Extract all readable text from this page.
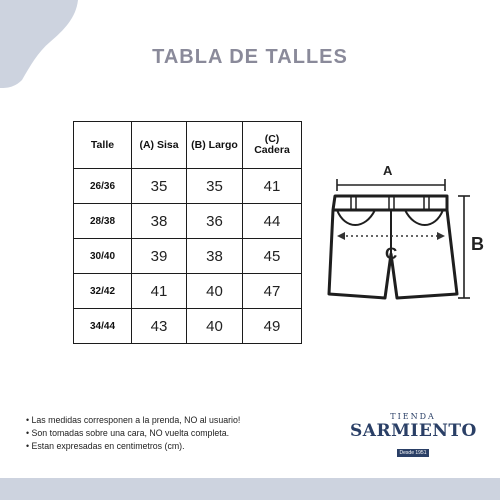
TABLA DE TALLES
Talle	(A) Sisa	(B) Largo	(C)
Cadera
26/36	35	35	41
28/38	38	36	44
30/40	39	38	45
32/42	41	40	47
34/44	43	40	49
A
B
C
• Las medidas corresponen a la prenda, NO al usuario!
• Son tomadas sobre una cara, NO vuelta completa.
• Estan expresadas en centimetros (cm).
TIENDA
SARMIENTO
Desde 1951
